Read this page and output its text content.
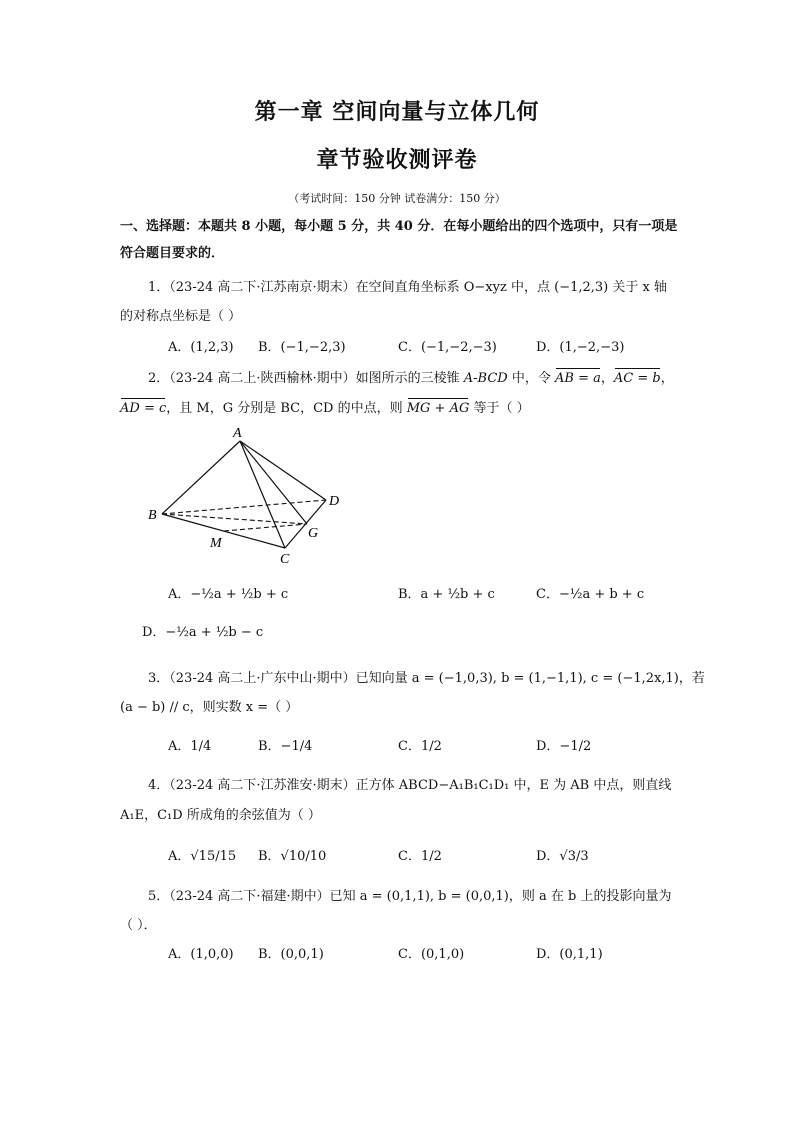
第一章 空间向量与立体几何
章节验收测评卷
（考试时间：150 分钟 试卷满分：150 分）
一、选择题：本题共 8 小题，每小题 5 分，共 40 分．在每小题给出的四个选项中，只有一项是符合题目要求的．
1．（23-24 高二下·江苏南京·期末）在空间直角坐标系 O−xyz 中，点 (−1,2,3) 关于 x 轴
的对称点坐标是（ ）
A．(1,2,3) B．(−1,−2,3)	C．(−1,−2,−3)	D．(1,−2,−3)
2．（23-24 高二上·陕西榆林·期中）如图所示的三棱锥 A-BCD 中，令 AB = a，AC = b，
AD = c，且 M，G 分别是 BC，CD 的中点，则 MG + AG 等于（ ）
A
B
C
D
M
G
A．−½a + ½b + c	B．a + ½b + c	C．−½a + b + c
D．−½a + ½b − c
3．（23-24 高二上·广东中山·期中）已知向量 a = (−1,0,3), b = (1,−1,1), c = (−1,2x,1)，若
(a − b) // c，则实数 x =（ ）
A．1/4	B．−1/4	C．1/2	D．−1/2
4．（23-24 高二下·江苏淮安·期末）正方体 ABCD−A₁B₁C₁D₁ 中，E 为 AB 中点，则直线
A₁E，C₁D 所成角的余弦值为（ ）
A．√15/15 B．√10/10	C．1/2	D．√3/3
5．（23-24 高二下·福建·期中）已知 a = (0,1,1), b = (0,0,1)，则 a 在 b 上的投影向量为
（ ）．
A．(1,0,0) B．(0,0,1)	C．(0,1,0)	D．(0,1,1)
